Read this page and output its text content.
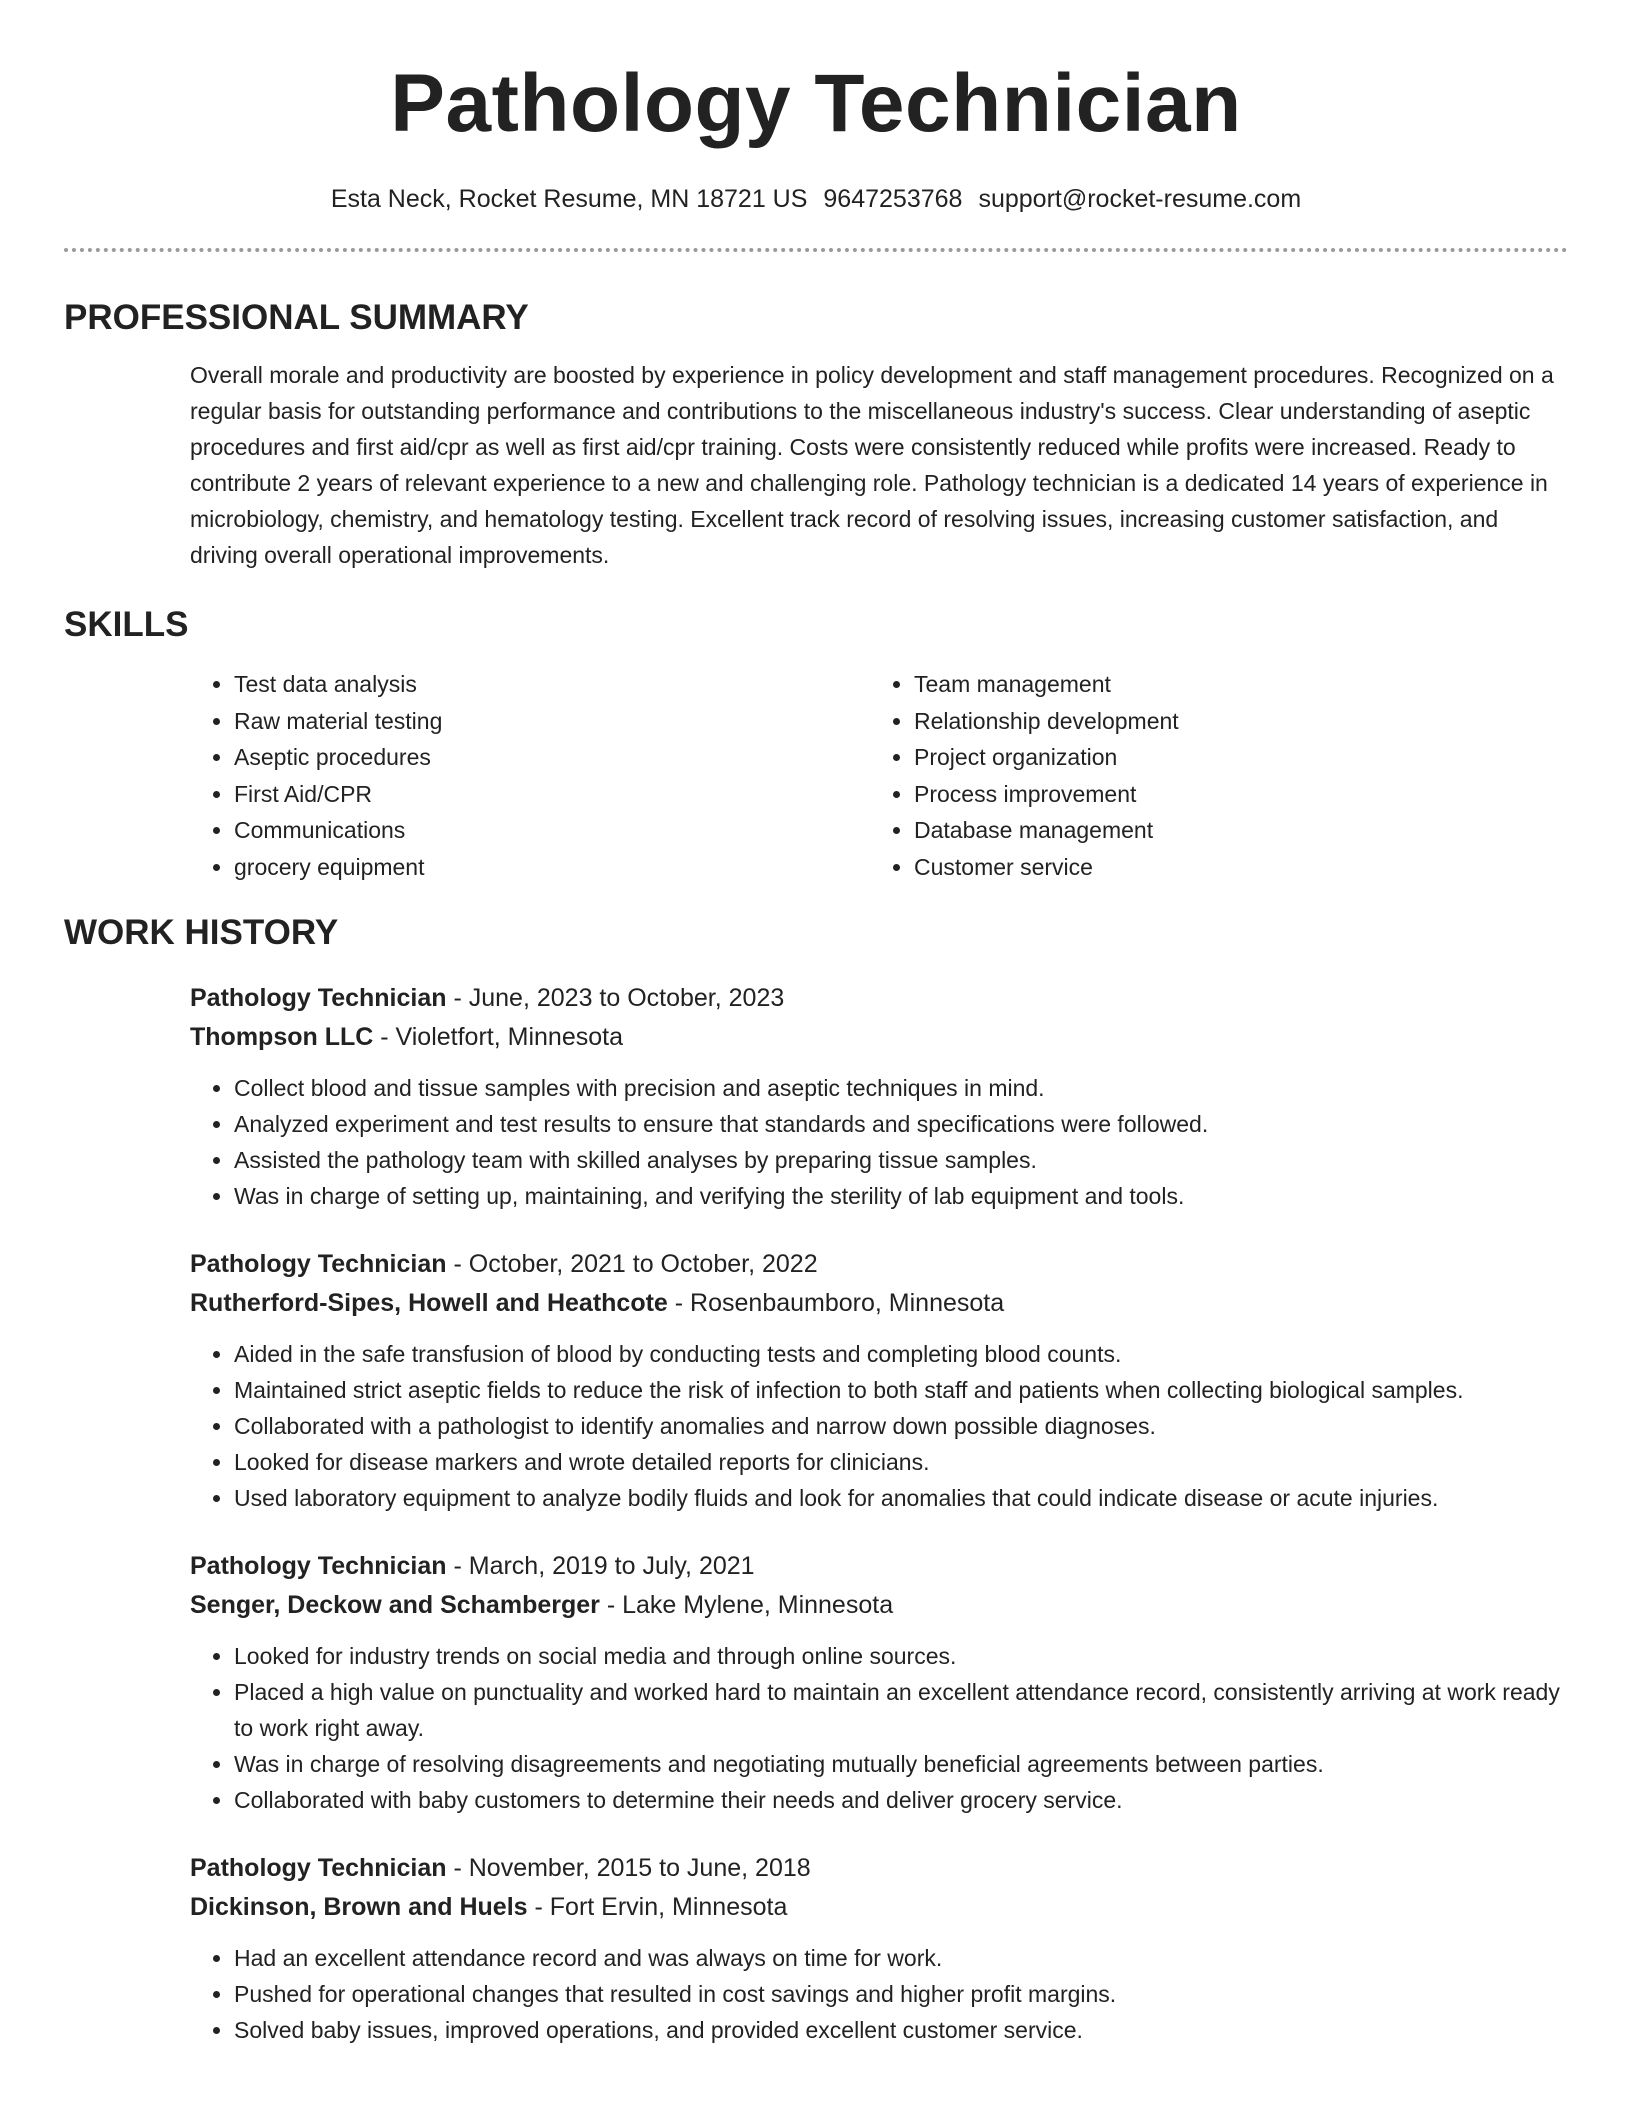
Pathology Technician
Esta Neck, Rocket Resume, MN 18721 US 9647253768 support@rocket-resume.com
PROFESSIONAL SUMMARY

Overall morale and productivity are boosted by experience in policy development and staff management procedures. Recognized on a regular basis for outstanding performance and contributions to the miscellaneous industry's success. Clear understanding of aseptic procedures and first aid/cpr as well as first aid/cpr training. Costs were consistently reduced while profits were increased. Ready to contribute 2 years of relevant experience to a new and challenging role. Pathology technician is a dedicated 14 years of experience in microbiology, chemistry, and hematology testing. Excellent track record of resolving issues, increasing customer satisfaction, and driving overall operational improvements.

SKILLS
• Test data analysis
• Raw material testing
• Aseptic procedures
• First Aid/CPR
• Communications
• grocery equipment
• Team management
• Relationship development
• Project organization
• Process improvement
• Database management
• Customer service
WORK HISTORY
Pathology Technician - June, 2023 to October, 2023
Thompson LLC - Violetfort, Minnesota
• Collect blood and tissue samples with precision and aseptic techniques in mind.
• Analyzed experiment and test results to ensure that standards and specifications were followed.
• Assisted the pathology team with skilled analyses by preparing tissue samples.
• Was in charge of setting up, maintaining, and verifying the sterility of lab equipment and tools.
Pathology Technician - October, 2021 to October, 2022
Rutherford-Sipes, Howell and Heathcote - Rosenbaumboro, Minnesota
• Aided in the safe transfusion of blood by conducting tests and completing blood counts.
• Maintained strict aseptic fields to reduce the risk of infection to both staff and patients when collecting biological samples.
• Collaborated with a pathologist to identify anomalies and narrow down possible diagnoses.
• Looked for disease markers and wrote detailed reports for clinicians.
• Used laboratory equipment to analyze bodily fluids and look for anomalies that could indicate disease or acute injuries.
Pathology Technician - March, 2019 to July, 2021
Senger, Deckow and Schamberger - Lake Mylene, Minnesota
• Looked for industry trends on social media and through online sources.
• Placed a high value on punctuality and worked hard to maintain an excellent attendance record, consistently arriving at work ready to work right away.
• Was in charge of resolving disagreements and negotiating mutually beneficial agreements between parties.
• Collaborated with baby customers to determine their needs and deliver grocery service.
Pathology Technician - November, 2015 to June, 2018
Dickinson, Brown and Huels - Fort Ervin, Minnesota
• Had an excellent attendance record and was always on time for work.
• Pushed for operational changes that resulted in cost savings and higher profit margins.
• Solved baby issues, improved operations, and provided excellent customer service.
